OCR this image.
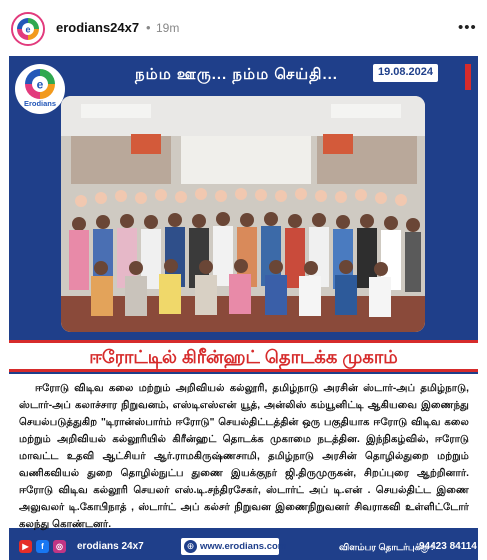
e erodians24x7 • 19m	•••
e
Erodians
நம்ம ஊரு... நம்ம செய்தி...	19.08.2024
ஈரோட்டில் கிரீன்ஹட் தொடக்க முகாம்
ஈரோடு விடிவ கலை மற்றும் அறிவியல் கல்லூரி, தமிழ்நாடு அரசின் ஸ்டார்-அப் தமிழ்நாடு, ஸ்டார்-அப் கலாச்சார நிறுவனம், எஸ்டிஎஸ்என் யூத், அன்லிஸ் கம்யூனிட்டி ஆகியவை இணைந்து செயல்படுத்துகிற "டிரான்ஸ்பார்ம் ஈரோடு" செயல்திட்டத்தின் ஒரு பகுதியாக ஈரோடு விடிவ கலை மற்றும் அறிவியல் கல்லூரியில் கிரீன்ஹட் தொடக்க முகாமை நடத்தின. இந்நிகழ்வில், ஈரோடு மாவட்ட உதவி ஆட்சியர் ஆர்.ராமகிருஷ்ணசாமி, தமிழ்நாடு அரசின் தொழில்துறை மற்றும் வணிகவியல் துறை தொழில்நுட்ப துணை இயக்குநர் ஜி.திருமுருகன், சிறப்புரை ஆற்றினார். ஈரோடு விடிவ கல்லூரி செயலர் எஸ்.டி.சந்திரசேகர், ஸ்டார்ட் அப் டி.என் . செயல்திட்ட இணை அலுவலர் டி.கோபிநாத் , ஸ்டார்ட் அப் கல்சர் நிறுவன இணைநிறுவனர் சிவராகவி உள்ளிட்டோர் கலந்து கொண்டனர்.
▶	f	◎	erodians 24x7	⊕ www.erodians.com	விளம்பர தொடர்புக்கு :
94423 84114
